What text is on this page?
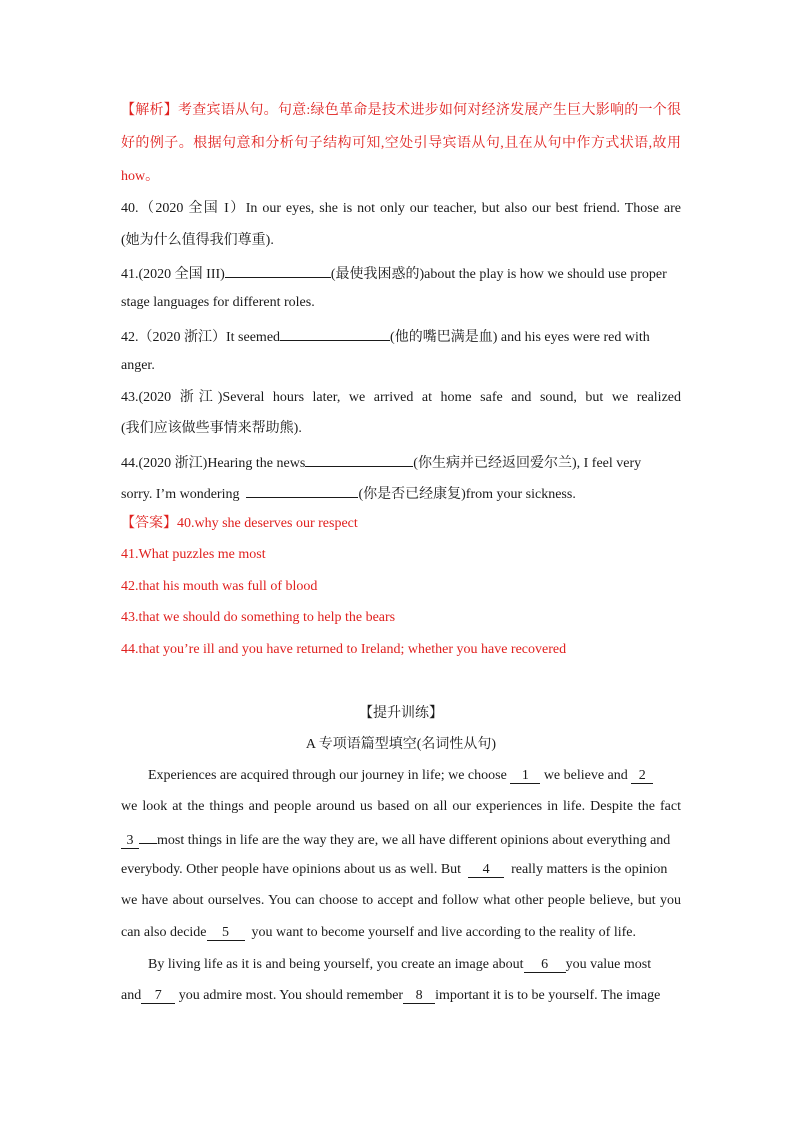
【解析】考查宾语从句。句意:绿色革命是技术进步如何对经济发展产生巨大影响的一个很
好的例子。根据句意和分析句子结构可知,空处引导宾语从句,且在从句中作方式状语,故用
how。
40.（2020 全国 I）In our eyes, she is not only our teacher, but also our best friend. Those are
(她为什么值得我们尊重).
41.(2020 全国 III)	(最使我困惑的)about the play is how we should use proper
stage languages for different roles.
42.（2020 浙江）It seemed	(他的嘴巴满是血) and his eyes were red with
anger.
43.(2020 浙江)Several hours later, we arrived at home safe and sound, but we realized
(我们应该做些事情来帮助熊).
44.(2020 浙江)Hearing the news	(你生病并已经返回爱尔兰), I feel very
sorry. I’m wondering	(你是否已经康复)from your sickness.
【答案】40.why she deserves our respect
41.What puzzles me most
42.that his mouth was full of blood
43.that we should do something to help the bears
44.that you’re ill and you have returned to Ireland; whether you have recovered
【提升训练】
A 专项语篇型填空(名词性从句)
Experiences are acquired through our journey in life; we choose 1 we believe and 2
we look at the things and people around us based on all our experiences in life. Despite the fact
3 most things in life are the way they are, we all have different opinions about everything and
everybody. Other people have opinions about us as well. But 4 really matters is the opinion
we have about ourselves. You can choose to accept and follow what other people believe, but you
can also decide 5 you want to become yourself and live according to the reality of life.
By living life as it is and being yourself, you create an image about 6 you value most
and 7 you admire most. You should remember 8 important it is to be yourself. The image
